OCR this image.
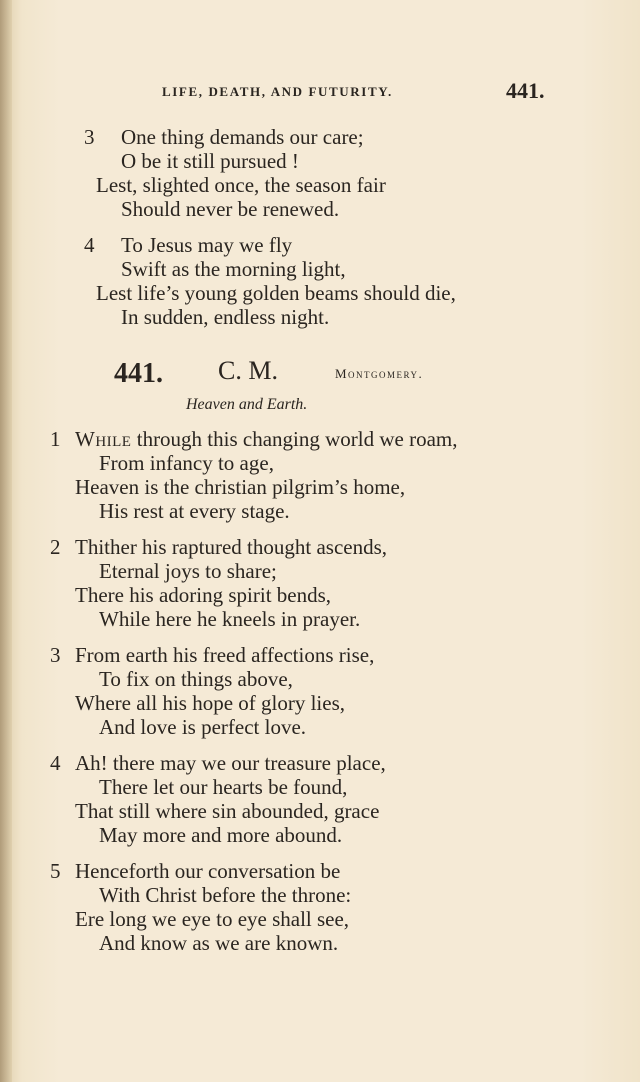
LIFE, DEATH, AND FUTURITY.	441.
3 One thing demands our care;
O be it still pursued !
Lest, slighted once, the season fair
Should never be renewed.
4 To Jesus may we fly
Swift as the morning light,
Lest life’s young golden beams should die,
In sudden, endless night.
441. C. M.	Montgomery.
Heaven and Earth.
1 While through this changing world we roam,
From infancy to age,
Heaven is the christian pilgrim’s home,
His rest at every stage.
2 Thither his raptured thought ascends,
Eternal joys to share;
There his adoring spirit bends,
While here he kneels in prayer.
3 From earth his freed affections rise,
To fix on things above,
Where all his hope of glory lies,
And love is perfect love.
4 Ah! there may we our treasure place,
There let our hearts be found,
That still where sin abounded, grace
May more and more abound.
5 Henceforth our conversation be
With Christ before the throne:
Ere long we eye to eye shall see,
And know as we are known.
